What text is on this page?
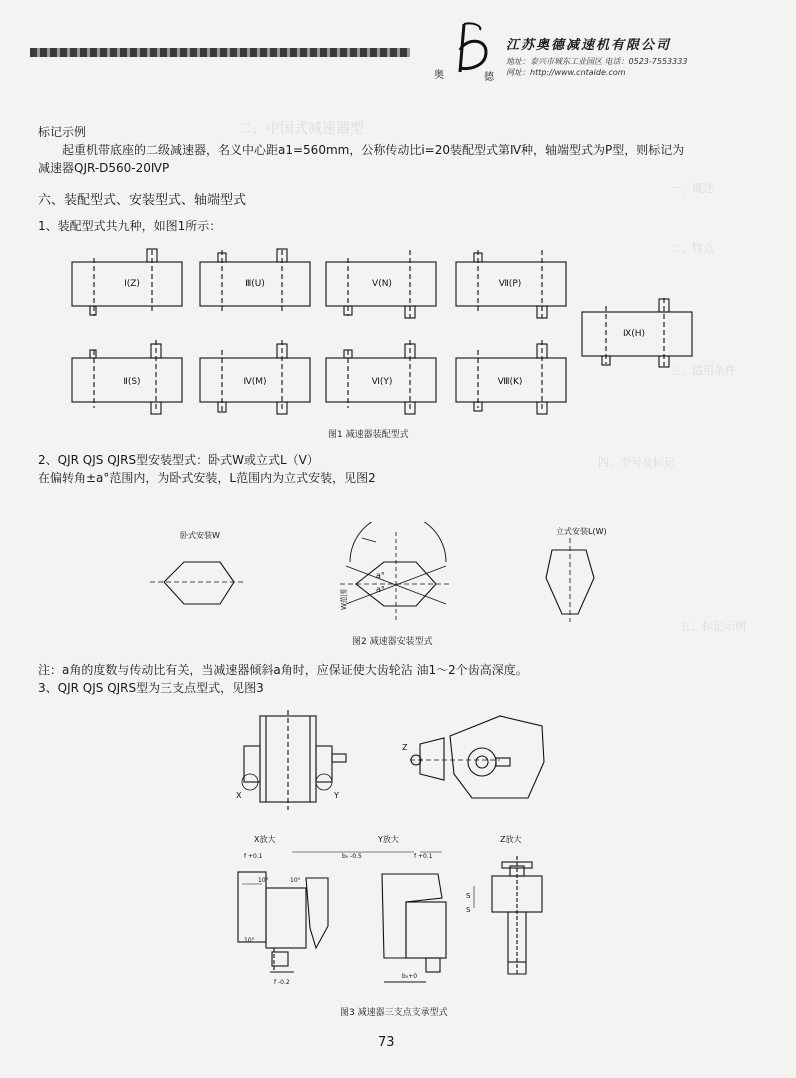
二、中国式减速器型
一、概述
二、特点
三、适用条件
四、型号及标记
五、标记示例
奥	德
江苏奥德减速机有限公司
地址：泰兴市城东工业园区 电话：0523-7553333
网址：http://www.cntaide.com
标记示例
起重机带底座的二级减速器，名义中心距a1=560mm，公称传动比i=20装配型式第Ⅳ种，轴端型式为P型，则标记为
减速器QJR-D560-20ⅣP
六、装配型式、安装型式、轴端型式
1、装配型式共九种，如图1所示：
Ⅰ(Z)	Ⅲ(U)	Ⅴ(N)	Ⅶ(P)
Ⅸ(H)
Ⅱ(S)	Ⅳ(M)	Ⅵ(Y)	Ⅷ(K)
图1 减速器装配型式
2、QJR QJS QJRS型安装型式：卧式W或立式L（V）
在偏转角±a°范围内，为卧式安装，L范围内为立式安装，见图2
卧式安装W	立式安装L(W)
a°
a°
W范围
图2 减速器安装型式
注：a角的度数与传动比有关，当减速器倾斜a角时，应保证使大齿轮沾 油1～2个齿高深度。
3、QJR QJS QJRS型为三支点型式，见图3
X	Y
Z
X放大	Y放大	Z放大
f +0.1	b₀ -0.5	f +0.1
10°	10°
10°
f -0.2
b₀+0
S
S
图3 减速器三支点支承型式
73
